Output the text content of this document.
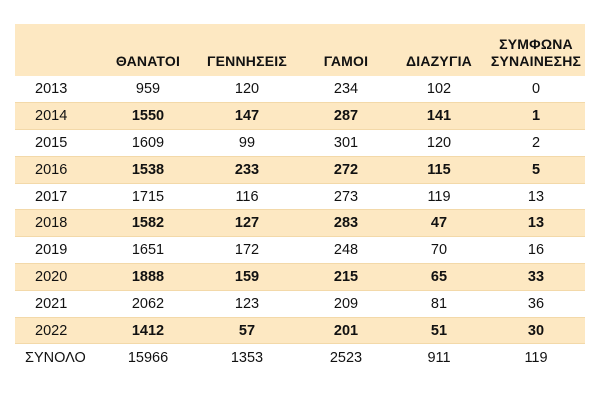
	ΘΑΝΑΤΟΙ	ΓΕΝΝΗΣΕΙΣ	ΓΑΜΟΙ	ΔΙΑΖΥΓΙΑ	ΣΥΜΦΩΝΑ
ΣΥΝΑΙΝΕΣΗΣ

2013	959	120	234	102	0
2014	1550	147	287	141	1
2015	1609	99	301	120	2
2016	1538	233	272	115	5
2017	1715	116	273	119	13
2018	1582	127	283	47	13
2019	1651	172	248	70	16
2020	1888	159	215	65	33
2021	2062	123	209	81	36
2022	1412	57	201	51	30
ΣΥΝΟΛΟ	15966	1353	2523	911	119
